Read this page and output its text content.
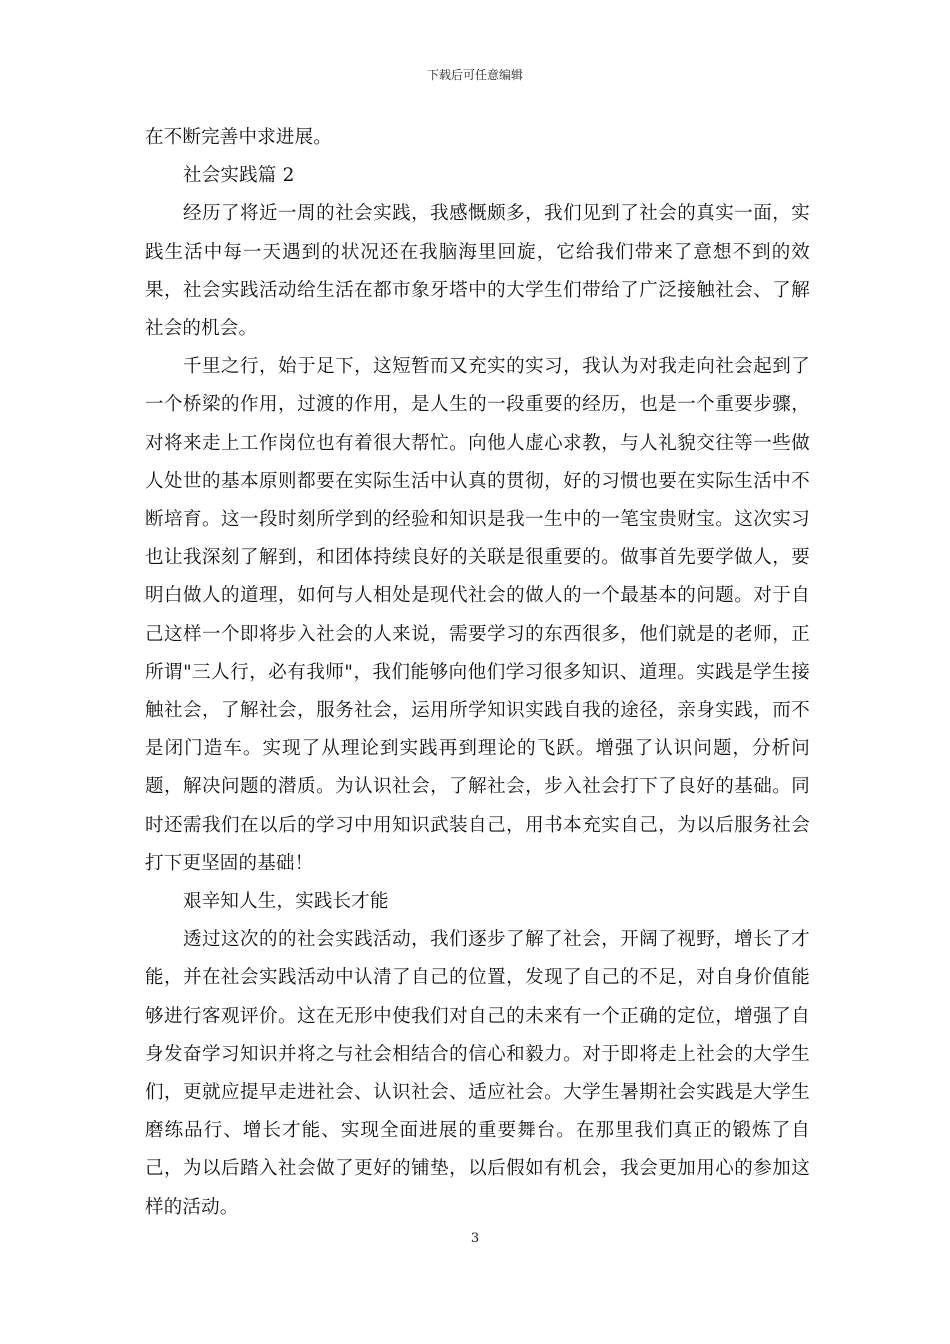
下载后可任意编辑

在不断完善中求进展。

社会实践篇 2

经历了将近一周的社会实践，我感慨颇多，我们见到了社会的真实一面，实践生活中每一天遇到的状况还在我脑海里回旋，它给我们带来了意想不到的效果，社会实践活动给生活在都市象牙塔中的大学生们带给了广泛接触社会、了解社会的机会。

千里之行，始于足下，这短暂而又充实的实习，我认为对我走向社会起到了一个桥梁的作用，过渡的作用，是人生的一段重要的经历，也是一个重要步骤，对将来走上工作岗位也有着很大帮忙。向他人虚心求教，与人礼貌交往等一些做人处世的基本原则都要在实际生活中认真的贯彻，好的习惯也要在实际生活中不断培育。这一段时刻所学到的经验和知识是我一生中的一笔宝贵财宝。这次实习也让我深刻了解到，和团体持续良好的关联是很重要的。做事首先要学做人，要明白做人的道理，如何与人相处是现代社会的做人的一个最基本的问题。对于自己这样一个即将步入社会的人来说，需要学习的东西很多，他们就是的老师，正所谓"三人行，必有我师"，我们能够向他们学习很多知识、道理。实践是学生接触社会，了解社会，服务社会，运用所学知识实践自我的途径，亲身实践，而不是闭门造车。实现了从理论到实践再到理论的飞跃。增强了认识问题，分析问题，解决问题的潜质。为认识社会，了解社会，步入社会打下了良好的基础。同时还需我们在以后的学习中用知识武装自己，用书本充实自己，为以后服务社会打下更坚固的基础！

艰辛知人生，实践长才能

透过这次的的社会实践活动，我们逐步了解了社会，开阔了视野，增长了才能，并在社会实践活动中认清了自己的位置，发现了自己的不足，对自身价值能够进行客观评价。这在无形中使我们对自己的未来有一个正确的定位，增强了自身发奋学习知识并将之与社会相结合的信心和毅力。对于即将走上社会的大学生们，更就应提早走进社会、认识社会、适应社会。大学生暑期社会实践是大学生磨练品行、增长才能、实现全面进展的重要舞台。在那里我们真正的锻炼了自己，为以后踏入社会做了更好的铺垫，以后假如有机会，我会更加用心的参加这样的活动。

3
